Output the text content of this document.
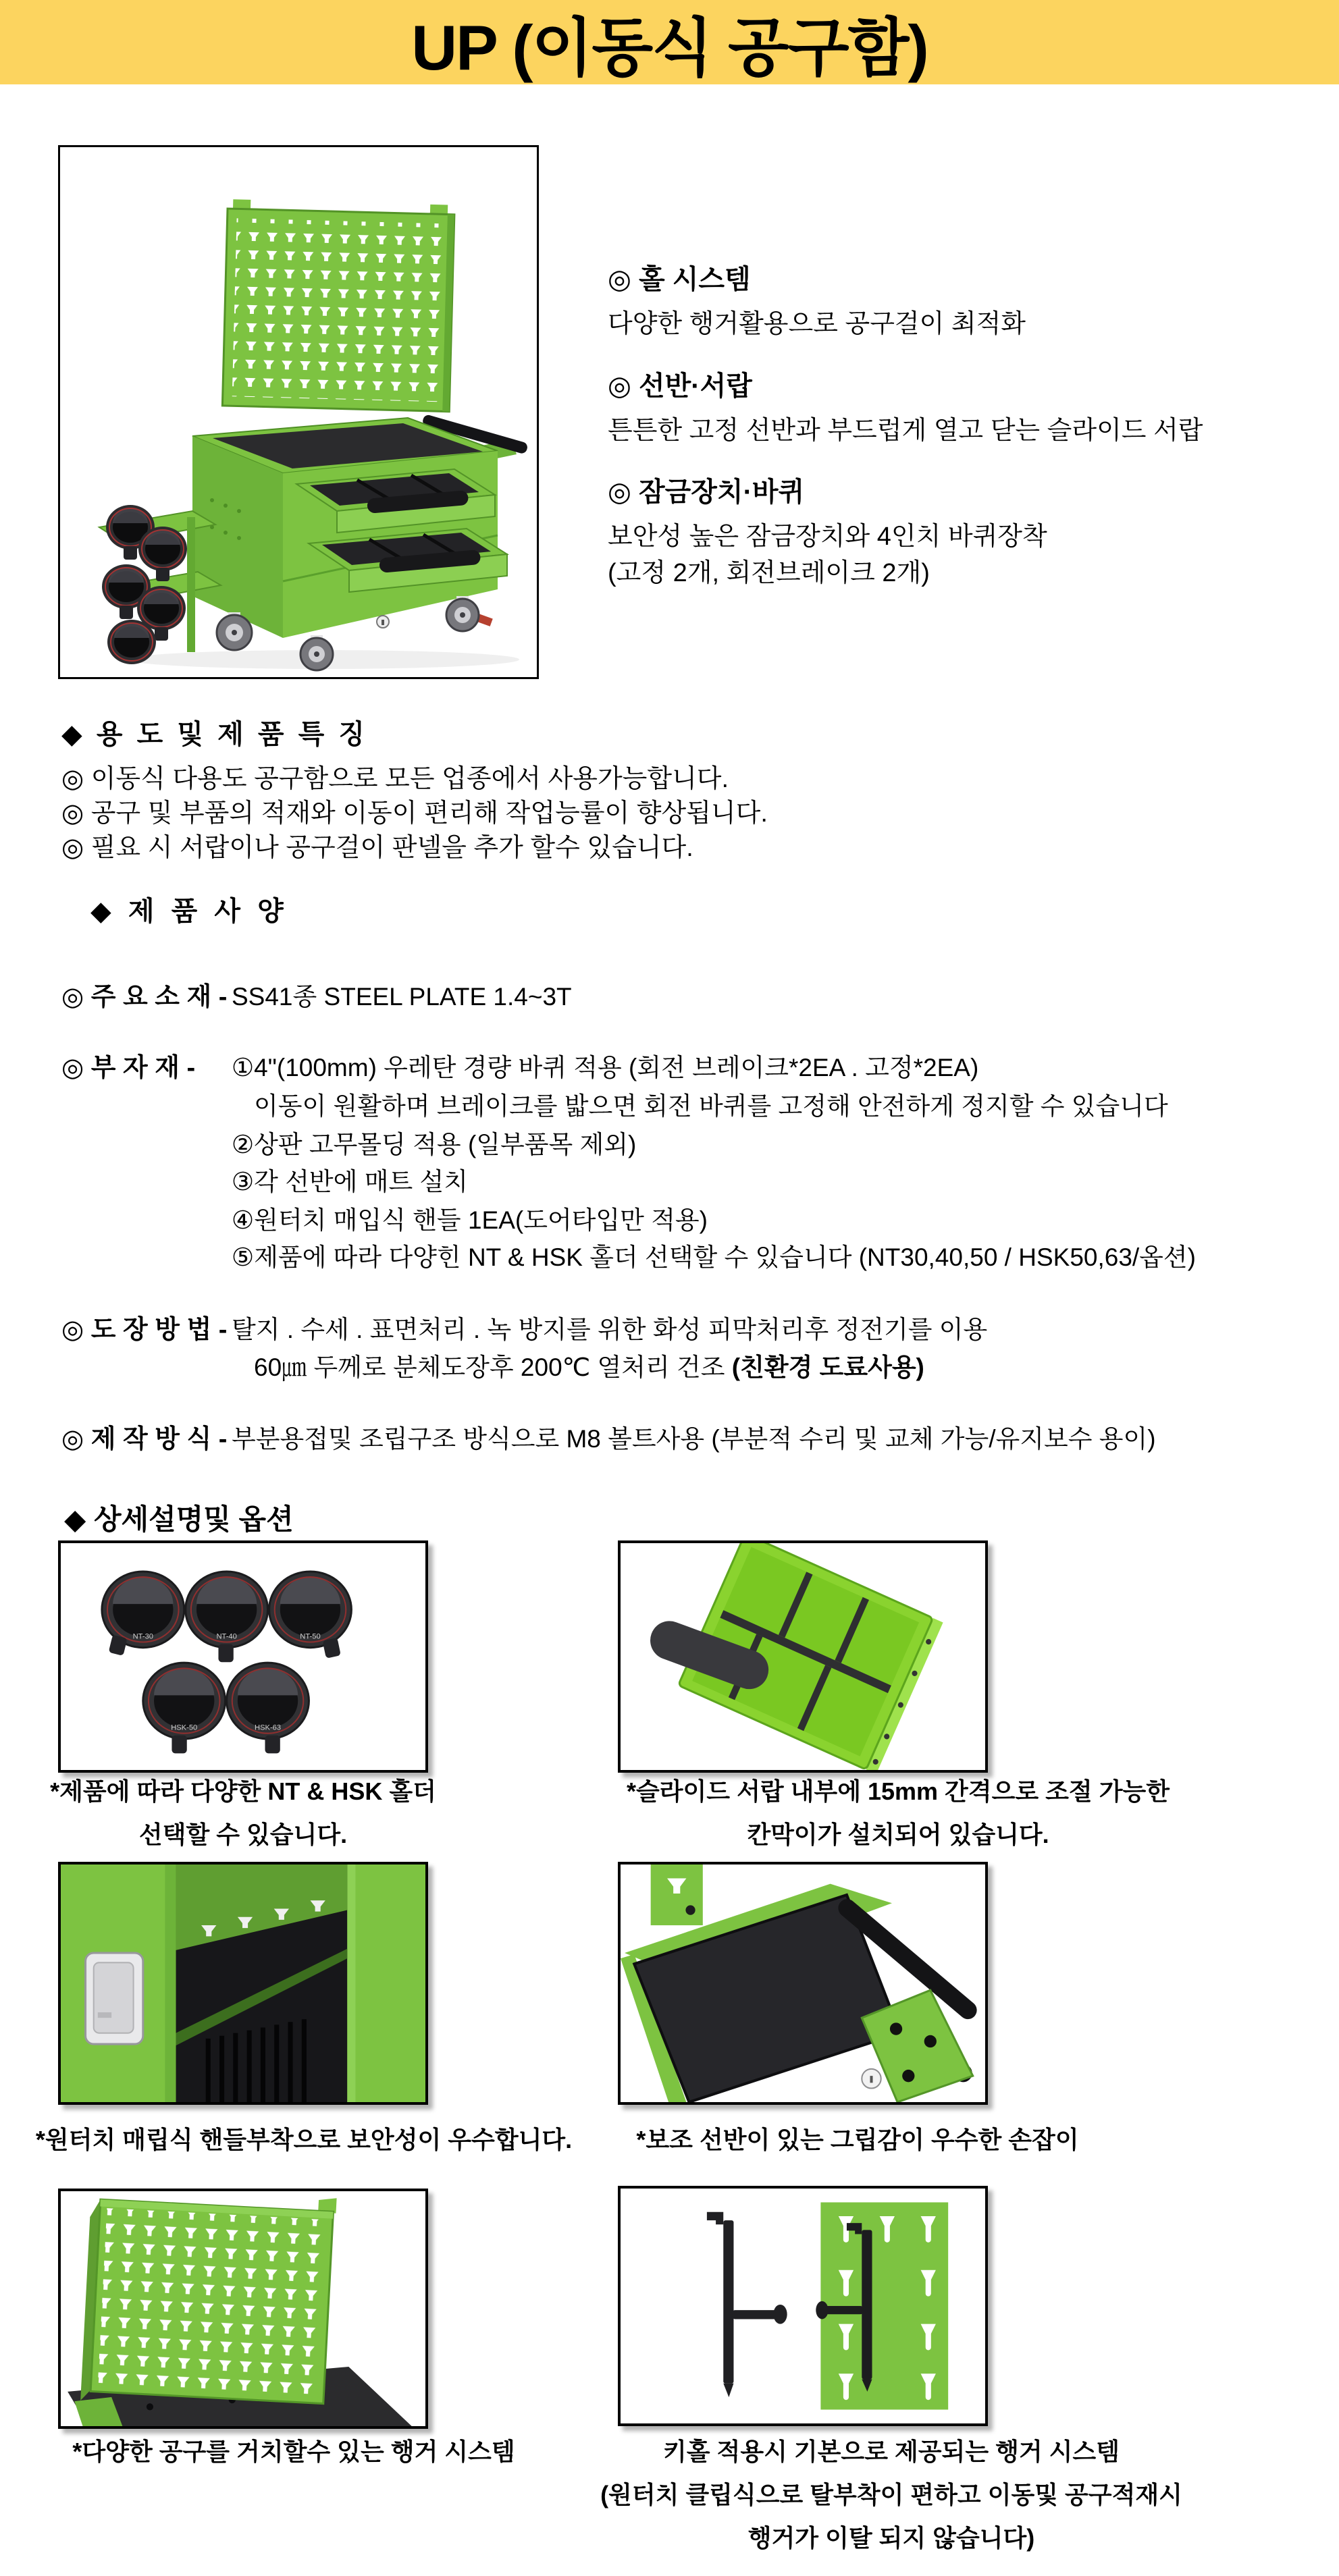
UP (이동식 공구함)
◎ 홀 시스템
다양한 행거활용으로 공구걸이 최적화
◎ 선반·서랍
튼튼한 고정 선반과 부드럽게 열고 닫는 슬라이드 서랍
◎ 잠금장치·바퀴
보안성 높은 잠금장치와 4인치 바퀴장착
(고정 2개, 회전브레이크 2개)
◆ 용 도 및 제 품 특 징
◎ 이동식 다용도 공구함으로 모든 업종에서 사용가능합니다.
◎ 공구 및 부품의 적재와 이동이 편리해 작업능률이 향상됩니다.
◎ 필요 시 서랍이나 공구걸이 판넬을 추가 할수 있습니다.
◆ 제 품 사 양
◎ 주 요 소 재 -SS41종 STEEL PLATE 1.4~3T
◎ 부 자 재 -①4"(100mm) 우레탄 경량 바퀴 적용 (회전 브레이크*2EA . 고정*2EA)
이동이 원활하며 브레이크를 밟으면 회전 바퀴를 고정해 안전하게 정지할 수 있습니다
②상판 고무몰딩 적용 (일부품목 제외)
③각 선반에 매트 설치
④원터치 매입식 핸들 1EA(도어타입만 적용)
⑤제품에 따라 다양힌 NT & HSK 홀더 선택할 수 있습니다 (NT30,40,50 / HSK50,63/옵션)
◎ 도 장 방 법 -탈지 . 수세 . 표면처리 . 녹 방지를 위한 화성 피막처리후 정전기를 이용
60㎛ 두께로 분체도장후 200℃ 열처리 건조 (친환경 도료사용)
◎ 제 작 방 식 -부분용접및 조립구조 방식으로 M8 볼트사용 (부분적 수리 및 교체 가능/유지보수 용이)
◆ 상세설명및 옵션
NT-30	NT-40	NT-50
HSK-50	HSK-63
*제품에 따라 다양한 NT & HSK 홀더
선택할 수 있습니다.
*슬라이드 서랍 내부에 15mm 간격으로 조절 가능한
칸막이가 설치되어 있습니다.
*원터치 매립식 핸들부착으로 보안성이 우수합니다.	*보조 선반이 있는 그립감이 우수한 손잡이
*다양한 공구를 거치할수 있는 행거 시스템	키홀 적용시 기본으로 제공되는 행거 시스템
(원터치 클립식으로 탈부착이 편하고 이동및 공구적재시
행거가 이탈 되지 않습니다)
